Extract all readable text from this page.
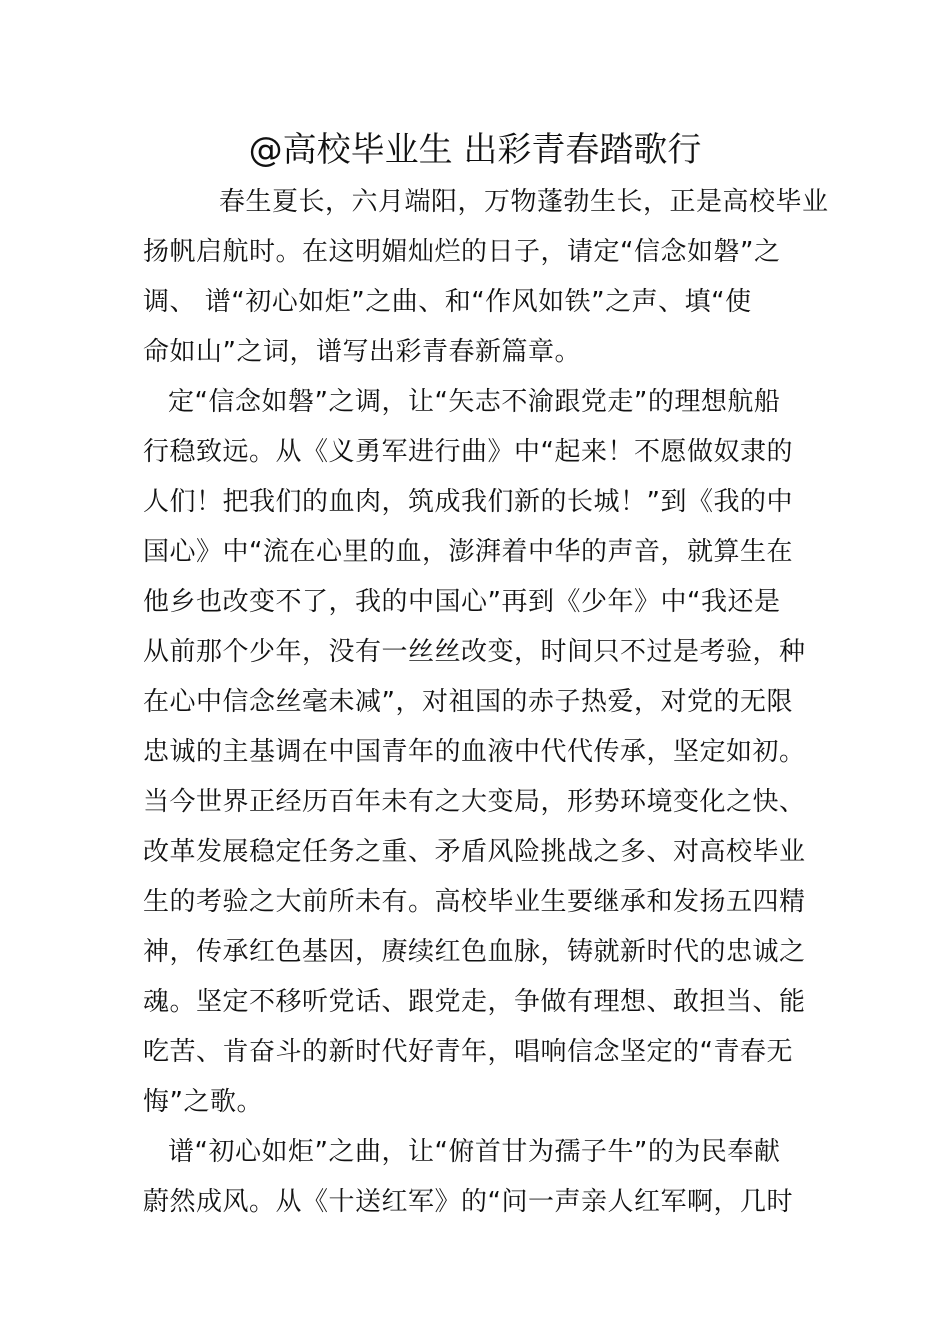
@高校毕业生 出彩青春踏歌行
春生夏长，六月端阳，万物蓬勃生长，正是高校毕业
扬帆启航时。在这明媚灿烂的日子，请定“信念如磐”之
调、 谱“初心如炬”之曲、和“作风如铁”之声、填“使
命如山”之词，谱写出彩青春新篇章。
定“信念如磐”之调，让“矢志不渝跟党走”的理想航船
行稳致远。从《义勇军进行曲》中“起来！不愿做奴隶的
人们！把我们的血肉，筑成我们新的长城！”到《我的中
国心》中“流在心里的血，澎湃着中华的声音，就算生在
他乡也改变不了，我的中国心”再到《少年》中“我还是
从前那个少年，没有一丝丝改变，时间只不过是考验，种
在心中信念丝毫未减”，对祖国的赤子热爱，对党的无限
忠诚的主基调在中国青年的血液中代代传承，坚定如初。
当今世界正经历百年未有之大变局，形势环境变化之快、
改革发展稳定任务之重、矛盾风险挑战之多、对高校毕业
生的考验之大前所未有。高校毕业生要继承和发扬五四精
神，传承红色基因，赓续红色血脉，铸就新时代的忠诚之
魂。坚定不移听党话、跟党走，争做有理想、敢担当、能
吃苦、肯奋斗的新时代好青年，唱响信念坚定的“青春无
悔”之歌。
谱“初心如炬”之曲，让“俯首甘为孺子牛”的为民奉献
蔚然成风。从《十送红军》的“问一声亲人红军啊，几时
